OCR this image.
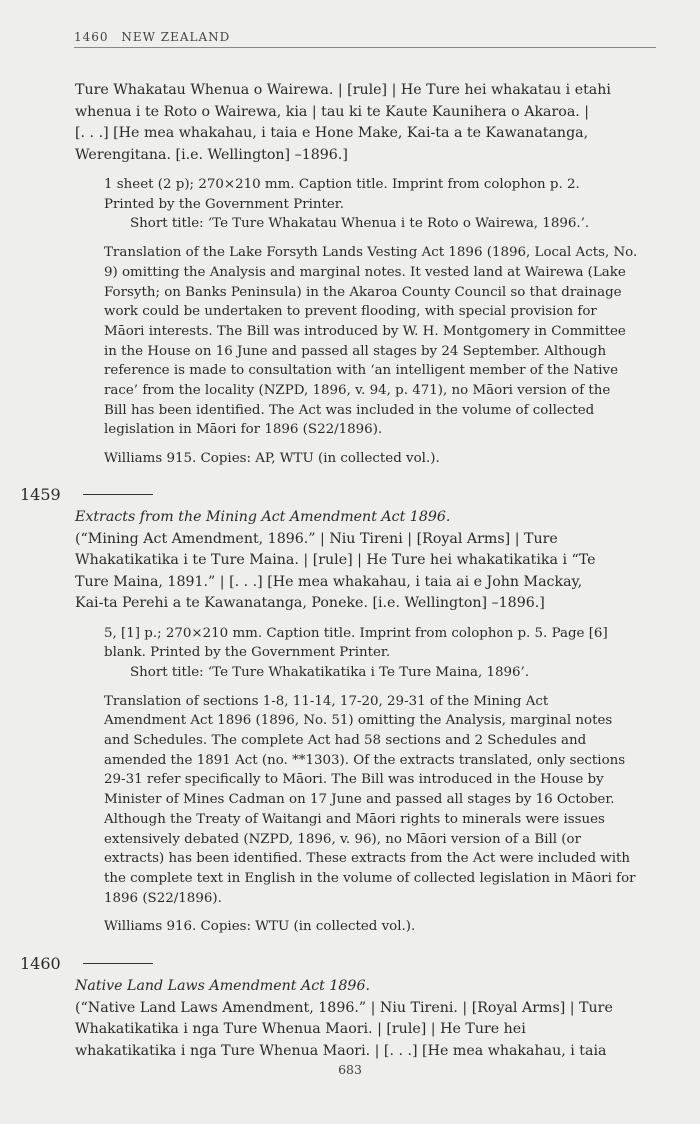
1460 NEW ZEALAND
Ture Whakatau Whenua o Wairewa. | [rule] | He Ture hei whakatau i etahi
whenua i te Roto o Wairewa, kia | tau ki te Kaute Kaunihera o Akaroa. |
[. . .] [He mea whakahau, i taia e Hone Make, Kai-ta a te Kawanatanga,
Werengitana. [i.e. Wellington] –1896.]
1 sheet (2 p); 270×210 mm. Caption title. Imprint from colophon p. 2.
Printed by the Government Printer.
Short title: ‘Te Ture Whakatau Whenua i te Roto o Wairewa, 1896.’.
Translation of the Lake Forsyth Lands Vesting Act 1896 (1896, Local Acts, No.
9) omitting the Analysis and marginal notes. It vested land at Wairewa (Lake
Forsyth; on Banks Peninsula) in the Akaroa County Council so that drainage
work could be undertaken to prevent flooding, with special provision for
Māori interests. The Bill was introduced by W. H. Montgomery in Committee
in the House on 16 June and passed all stages by 24 September. Although
reference is made to consultation with ‘an intelligent member of the Native
race’ from the locality (NZPD, 1896, v. 94, p. 471), no Māori version of the
Bill has been identified. The Act was included in the volume of collected
legislation in Māori for 1896 (S22/1896).
Williams 915. Copies: AP, WTU (in collected vol.).
1459
Extracts from the Mining Act Amendment Act 1896.
(“Mining Act Amendment, 1896.” | Niu Tireni | [Royal Arms] | Ture
Whakatikatika i te Ture Maina. | [rule] | He Ture hei whakatikatika i “Te
Ture Maina, 1891.” | [. . .] [He mea whakahau, i taia ai e John Mackay,
Kai-ta Perehi a te Kawanatanga, Poneke. [i.e. Wellington] –1896.]
5, [1] p.; 270×210 mm. Caption title. Imprint from colophon p. 5. Page [6]
blank. Printed by the Government Printer.
Short title: ‘Te Ture Whakatikatika i Te Ture Maina, 1896’.
Translation of sections 1-8, 11-14, 17-20, 29-31 of the Mining Act
Amendment Act 1896 (1896, No. 51) omitting the Analysis, marginal notes
and Schedules. The complete Act had 58 sections and 2 Schedules and
amended the 1891 Act (no. **1303). Of the extracts translated, only sections
29-31 refer specifically to Māori. The Bill was introduced in the House by
Minister of Mines Cadman on 17 June and passed all stages by 16 October.
Although the Treaty of Waitangi and Māori rights to minerals were issues
extensively debated (NZPD, 1896, v. 96), no Māori version of a Bill (or
extracts) has been identified. These extracts from the Act were included with
the complete text in English in the volume of collected legislation in Māori for
1896 (S22/1896).
Williams 916. Copies: WTU (in collected vol.).
1460
Native Land Laws Amendment Act 1896.
(“Native Land Laws Amendment, 1896.” | Niu Tireni. | [Royal Arms] | Ture
Whakatikatika i nga Ture Whenua Maori. | [rule] | He Ture hei
whakatikatika i nga Ture Whenua Maori. | [. . .] [He mea whakahau, i taia
683
